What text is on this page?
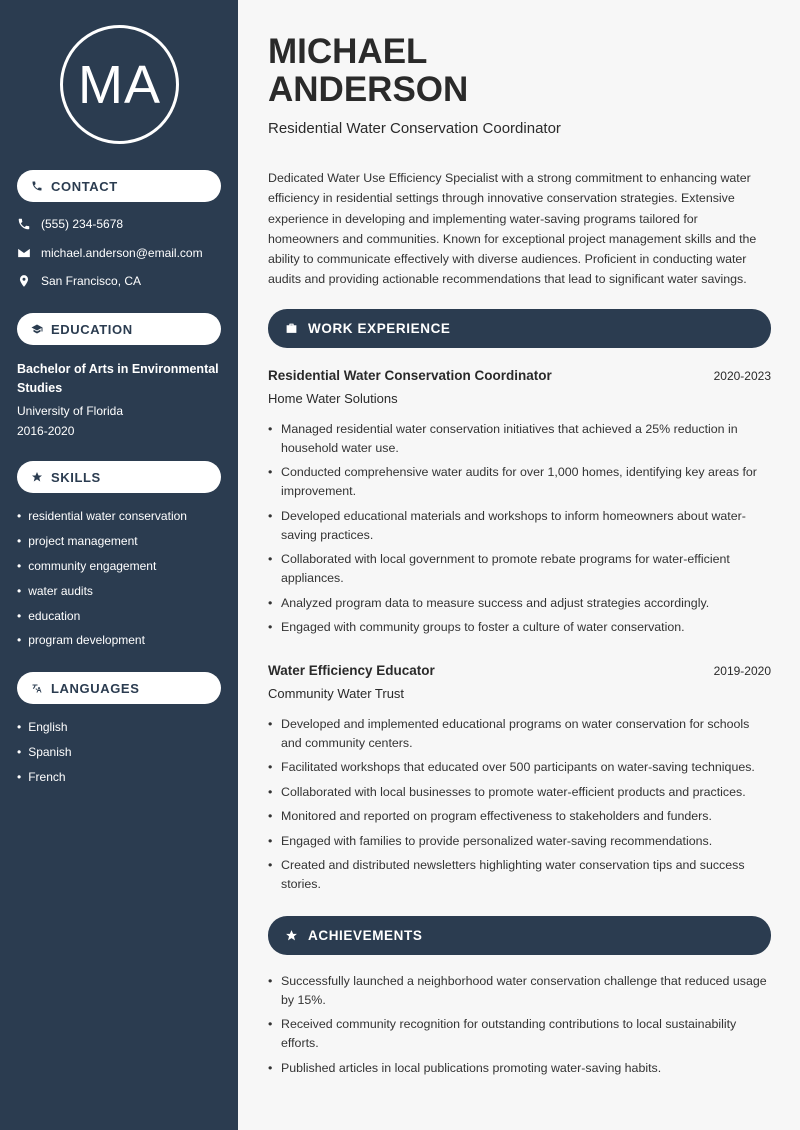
MA
CONTACT
(555) 234-5678
michael.anderson@email.com
San Francisco, CA
EDUCATION
Bachelor of Arts in Environmental Studies
University of Florida
2016-2020
SKILLS
• residential water conservation
• project management
• community engagement
• water audits
• education
• program development
LANGUAGES
• English
• Spanish
• French
MICHAEL
ANDERSON
Residential Water Conservation Coordinator

Dedicated Water Use Efficiency Specialist with a strong commitment to enhancing water efficiency in residential settings through innovative conservation strategies. Extensive experience in developing and implementing water-saving programs tailored for homeowners and communities. Known for exceptional project management skills and the ability to communicate effectively with diverse audiences. Proficient in conducting water audits and providing actionable recommendations that lead to significant water savings.

WORK EXPERIENCE
Residential Water Conservation Coordinator	2020-2023
Home Water Solutions
• Managed residential water conservation initiatives that achieved a 25% reduction in household water use.
• Conducted comprehensive water audits for over 1,000 homes, identifying key areas for improvement.
• Developed educational materials and workshops to inform homeowners about water-saving practices.
• Collaborated with local government to promote rebate programs for water-efficient appliances.
• Analyzed program data to measure success and adjust strategies accordingly.
• Engaged with community groups to foster a culture of water conservation.
Water Efficiency Educator	2019-2020
Community Water Trust
• Developed and implemented educational programs on water conservation for schools and community centers.
• Facilitated workshops that educated over 500 participants on water-saving techniques.
• Collaborated with local businesses to promote water-efficient products and practices.
• Monitored and reported on program effectiveness to stakeholders and funders.
• Engaged with families to provide personalized water-saving recommendations.
• Created and distributed newsletters highlighting water conservation tips and success stories.
ACHIEVEMENTS
• Successfully launched a neighborhood water conservation challenge that reduced usage by 15%.
• Received community recognition for outstanding contributions to local sustainability efforts.
• Published articles in local publications promoting water-saving habits.
